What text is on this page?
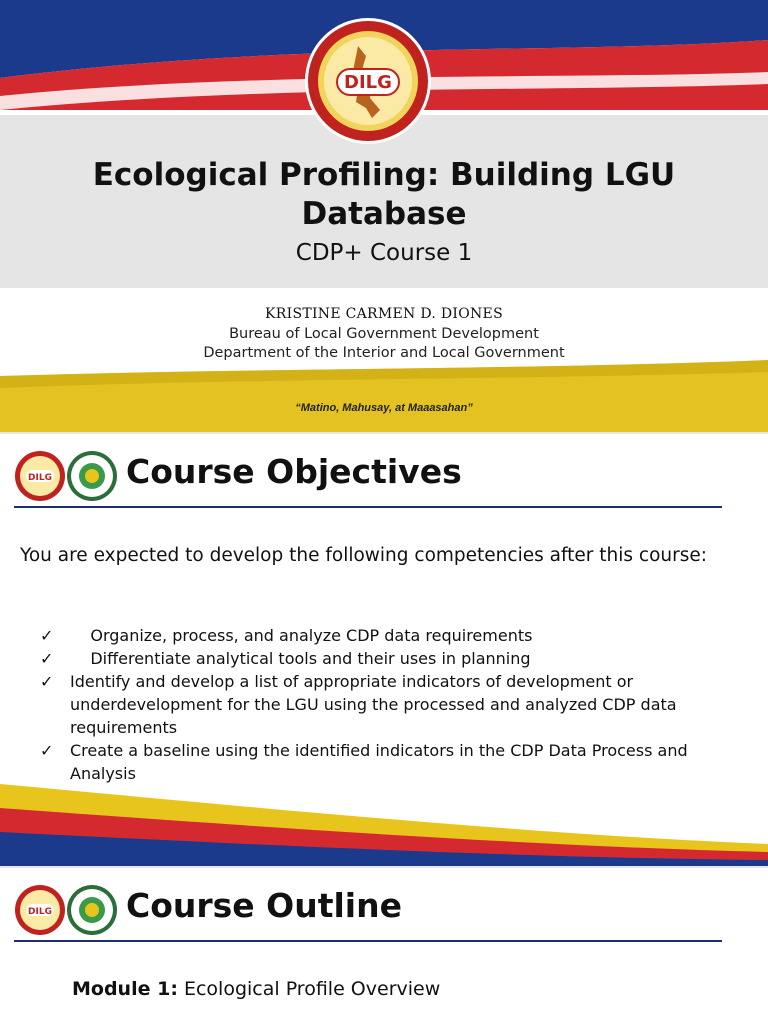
DILG
Ecological Profiling: Building LGU Database
CDP+ Course 1
KRISTINE CARMEN D. DIONES
Bureau of Local Government Development
Department of the Interior and Local Government
“Matino, Mahusay, at Maaasahan”
DILG Course Objectives
You are expected to develop the following competencies after this course:
✓	Organize, process, and analyze CDP data requirements
✓	Differentiate analytical tools and their uses in planning
✓	Identify and develop a list of appropriate indicators of development or underdevelopment for the LGU using the processed and analyzed CDP data requirements
✓	Create a baseline using the identified indicators in the CDP Data Process and Analysis
DILG Course Outline
Module 1: Ecological Profile Overview
